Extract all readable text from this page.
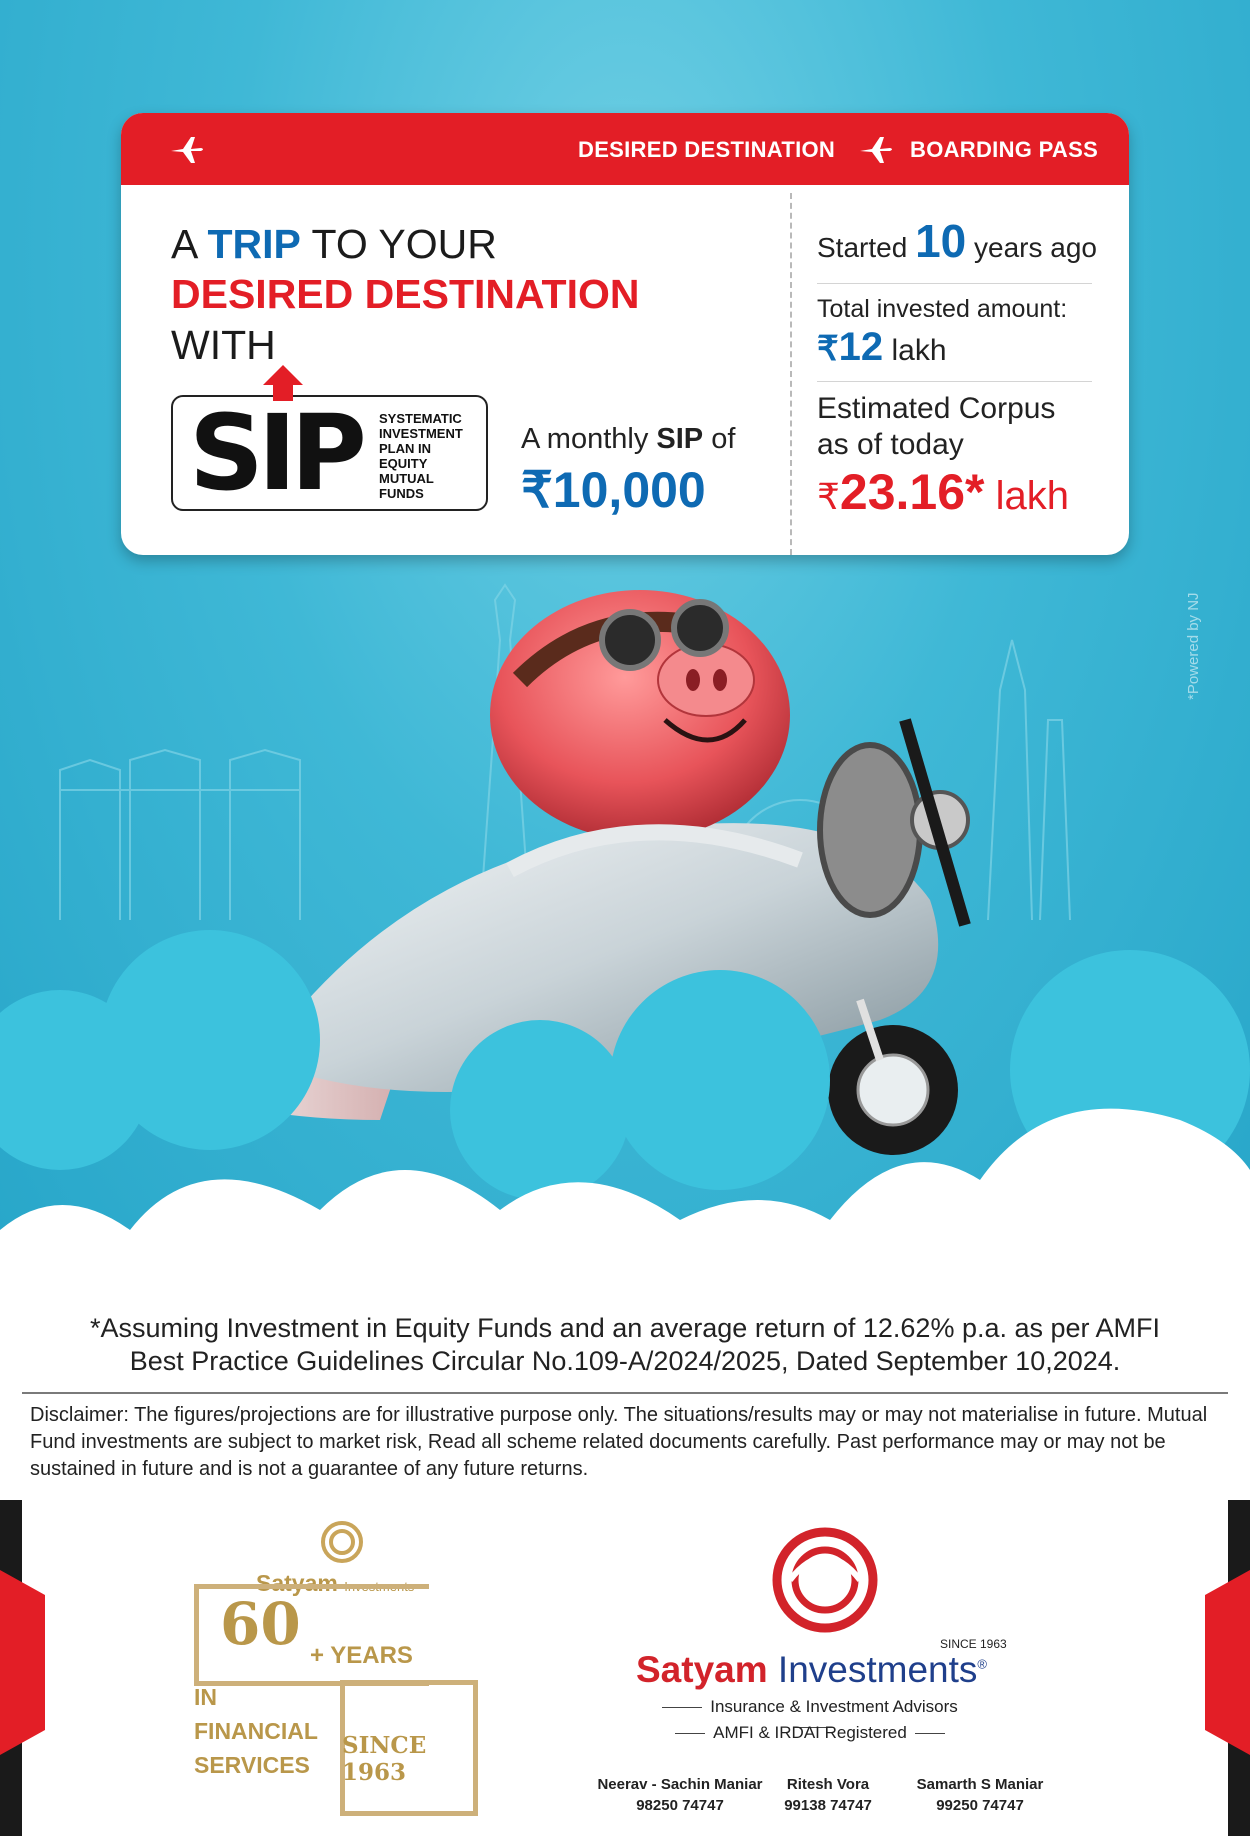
*Powered by NJ
DESIRED DESTINATION	BOARDING PASS
A TRIP TO YOUR
DESIRED DESTINATION
WITH
SIP SYSTEMATIC
INVESTMENT
PLAN IN
EQUITY
MUTUAL
FUNDS
A monthly SIP of
₹10,000
Started 10 years ago
Total invested amount:
₹12 lakh
Estimated Corpus
as of today
₹23.16* lakh
*Assuming Investment in Equity Funds and an average return of 12.62% p.a. as per AMFI
Best Practice Guidelines Circular No.109-A/2024/2025, Dated September 10,2024.
Disclaimer: The figures/projections are for illustrative purpose only. The situations/results may or may not materialise in future. Mutual Fund investments are subject to market risk, Read all scheme related documents carefully. Past performance may or may not be sustained in future and is not a guarantee of any future returns.
Satyam Investments
60 + YEARS
IN
FINANCIAL
SERVICES
SINCE 1963
SINCE 1963
Satyam Investments®
Insurance & Investment Advisors
AMFI & IRDAI Registered
Neerav - Sachin Maniar
98250 74747
Ritesh Vora
99138 74747
Samarth S Maniar
99250 74747
